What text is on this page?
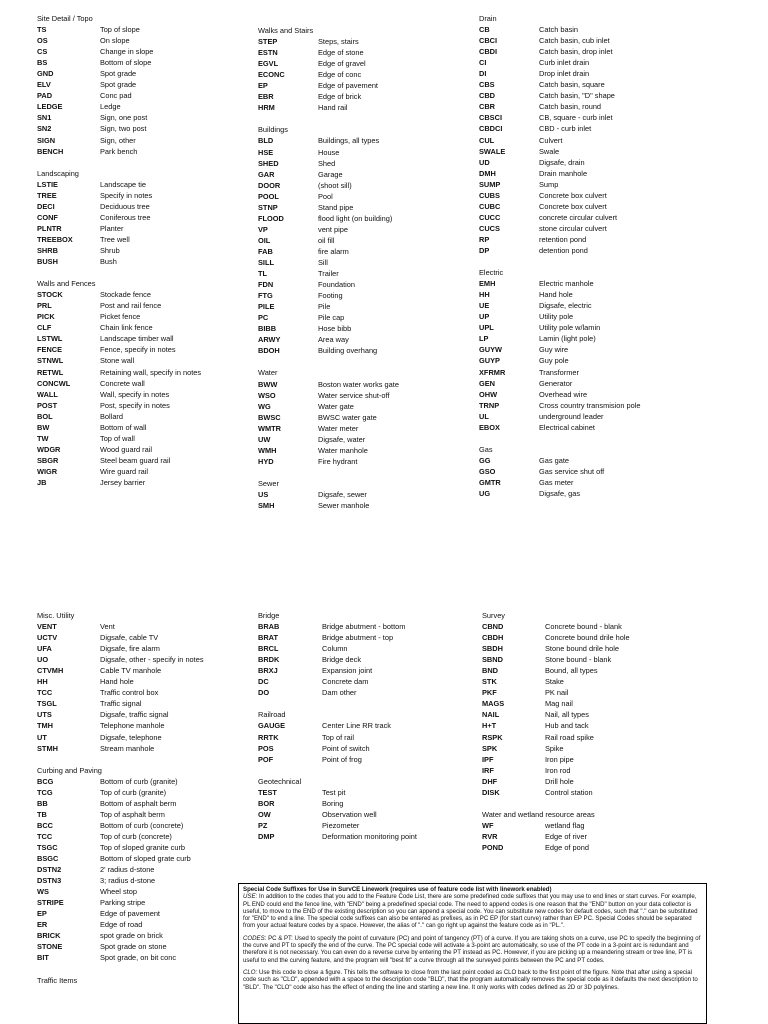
Site Detail / Topo
TS	Top of slope
OS	On slope
CS	Change in slope
BS	Bottom of slope
GND	Spot grade
ELV	Spot grade
PAD	Conc pad
LEDGE	Ledge
SN1	Sign, one post
SN2	Sign, two post
SIGN	Sign, other
BENCH	Park bench
Landscaping
LSTIE	Landscape tie
TREE	Specify in notes
DECI	Deciduous tree
CONF	Coniferous tree
PLNTR	Planter
TREEBOX	Tree well
SHRB	Shrub
BUSH	Bush
Walls and Fences
STOCK	Stockade fence
PRL	Post and rail fence
PICK	Picket fence
CLF	Chain link fence
LSTWL	Landscape timber wall
FENCE	Fence, specify in notes
STNWL	Stone wall
RETWL	Retaining wall, specify in notes
CONCWL	Concrete wall
WALL	Wall, specify in notes
POST	Post, specify in notes
BOL	Bollard
BW	Bottom of wall
TW	Top of wall
WDGR	Wood guard rail
SBGR	Steel beam guard rail
WIGR	Wire guard rail
JB	Jersey barrier
Walks and Stairs
STEP	Steps, stairs
ESTN	Edge of stone
EGVL	Edge of gravel
ECONC	Edge of conc
EP	Edge of pavement
EBR	Edge of brick
HRM	Hand rail
Buildings
BLD	Buildings, all types
HSE	House
SHED	Shed
GAR	Garage
DOOR	(shoot sill)
POOL	Pool
STNP	Stand pipe
FLOOD	flood light (on building)
VP	vent pipe
OIL	oil fill
FAB	fire alarm
SILL	Sill
TL	Trailer
FDN	Foundation
FTG	Footing
PILE	Pile
PC	Pile cap
BIBB	Hose bibb
ARWY	Area way
BDOH	Building overhang
Water
BWW	Boston water works gate
WSO	Water service shut-off
WG	Water gate
BWSC	BWSC water gate
WMTR	Water meter
UW	Digsafe, water
WMH	Water manhole
HYD	Fire hydrant
Sewer
US	Digsafe, sewer
SMH	Sewer manhole
Drain
CB	Catch basin
CBCI	Catch basin, cub inlet
CBDI	Catch basin, drop inlet
CI	Curb inlet drain
DI	Drop inlet drain
CBS	Catch basin, square
CBD	Catch basin, "D" shape
CBR	Catch basin, round
CBSCI	CB, square - curb inlet
CBDCI	CBD - curb inlet
CUL	Culvert
SWALE	Swale
UD	Digsafe, drain
DMH	Drain manhole
SUMP	Sump
CUBS	Concrete box culvert
CUBC	Concrete box culvert
CUCC	concrete circular culvert
CUCS	stone circular culvert
RP	retention pond
DP	detention pond
Electric
EMH	Electric manhole
HH	Hand hole
UE	Digsafe, electric
UP	Utility pole
UPL	Utility pole w/lamin
LP	Lamin (light pole)
GUYW	Guy wire
GUYP	Guy pole
XFRMR	Transformer
GEN	Generator
OHW	Overhead wire
TRNP	Cross country transmision pole
UL	underground leader
EBOX	Electrical cabinet
Gas
GG	Gas gate
GSO	Gas service shut off
GMTR	Gas meter
UG	Digsafe, gas
Misc. Utility
VENT	Vent
UCTV	Digsafe, cable TV
UFA	Digsafe, fire alarm
UO	Digsafe, other - specify in notes
CTVMH	Cable TV manhole
HH	Hand hole
TCC	Traffic control box
TSGL	Traffic signal
UTS	Digsafe, traffic signal
TMH	Telephone manhole
UT	Digsafe, telephone
STMH	Stream manhole
Curbing and Paving
BCG	Bottom of curb (granite)
TCG	Top of curb (granite)
BB	Bottom of asphalt berm
TB	Top of asphalt berm
BCC	Bottom of curb (concrete)
TCC	Top of curb (concrete)
TSGC	Top of sloped granite curb
BSGC	Bottom of sloped grate curb
DSTN2	2' radius d-stone
DSTN3	3; radius d-stone
WS	Wheel stop
STRIPE	Parking stripe
EP	Edge of pavement
ER	Edge of road
BRICK	spot grade on brick
STONE	Spot grade on stone
BIT	Spot grade, on bit conc
Traffic Items
Bridge
BRAB	Bridge abutment - bottom
BRAT	Bridge abutment - top
BRCL	Column
BRDK	Bridge deck
BRXJ	Expansion joint
DC	Concrete dam
DO	Dam other
Railroad
GAUGE	Center Line RR track
RRTK	Top of rail
POS	Point of switch
POF	Point of frog
Geotechnical
TEST	Test pit
BOR	Boring
OW	Observation well
PZ	Piezometer
DMP	Deformation monitoring point
Survey
CBND	Concrete bound - blank
CBDH	Concrete bound drile hole
SBDH	Stone bound drile hole
SBND	Stone bound - blank
BND	Bound, all types
STK	Stake
PKF	PK nail
MAGS	Mag nail
NAIL	Nail, all types
H+T	Hub and tack
RSPK	Rail road spike
SPK	Spike
IPF	Iron pipe
IRF	Iron rod
DHF	Drill hole
DISK	Control station
Water and wetland resource areas
WF	wetland flag
RVR	Edge of river
POND	Edge of pond
Special Code Suffixes for Use in SurvCE Linework (requires use of feature code list with linework enabled)

USE: In addition to the codes that you add to the Feature Code List, there are some predefined code suffixes that you may use to end lines or start curves. For example, PL END could end the fence line, with "END" being a predefined special code. The need to append codes is one reason that the "END" button on your data collector is useful, to move to the END of the existing description so you can append a special code. You can substitute new codes for default codes, such that "." can be substituted for "END" to end a line. The special code suffixes can also be entered as prefixes, as in PC EP (for start curve) rather than EP PC. Special Codes should be separated from your actual feature codes by a space. However, the alias of "." can go right up against the feature code as in "PL.".

CODES: PC & PT: Used to specify the point of curvature (PC) and point of tangency (PT) of a curve. If you are taking shots on a curve, use PC to specify the beginning of the curve and PT to specify the end of the curve. The PC special code will activate a 3-point arc automatically, so use of the PT code in a 3-point arc is redundant and therefore it is not necessary. You can even do a reverse curve by entering the PT instead as PC. However, if you are picking up a meandering stream or tree line, PT is useful to end the curving feature, and the program will "best fit" a curve through all the surveyed points between the PC and PT codes.

CLO: Use this code to close a figure. This tells the software to close from the last point coded as CLO back to the first point of the figure. Note that after using a special code such as "CLO", appended with a space to the description code "BLD", that the program automatically removes the special code as it defaults the next description to "BLD". The "CLO" code also has the effect of ending the line and starting a new line. It only works with codes defined as 2D or 3D polylines.
